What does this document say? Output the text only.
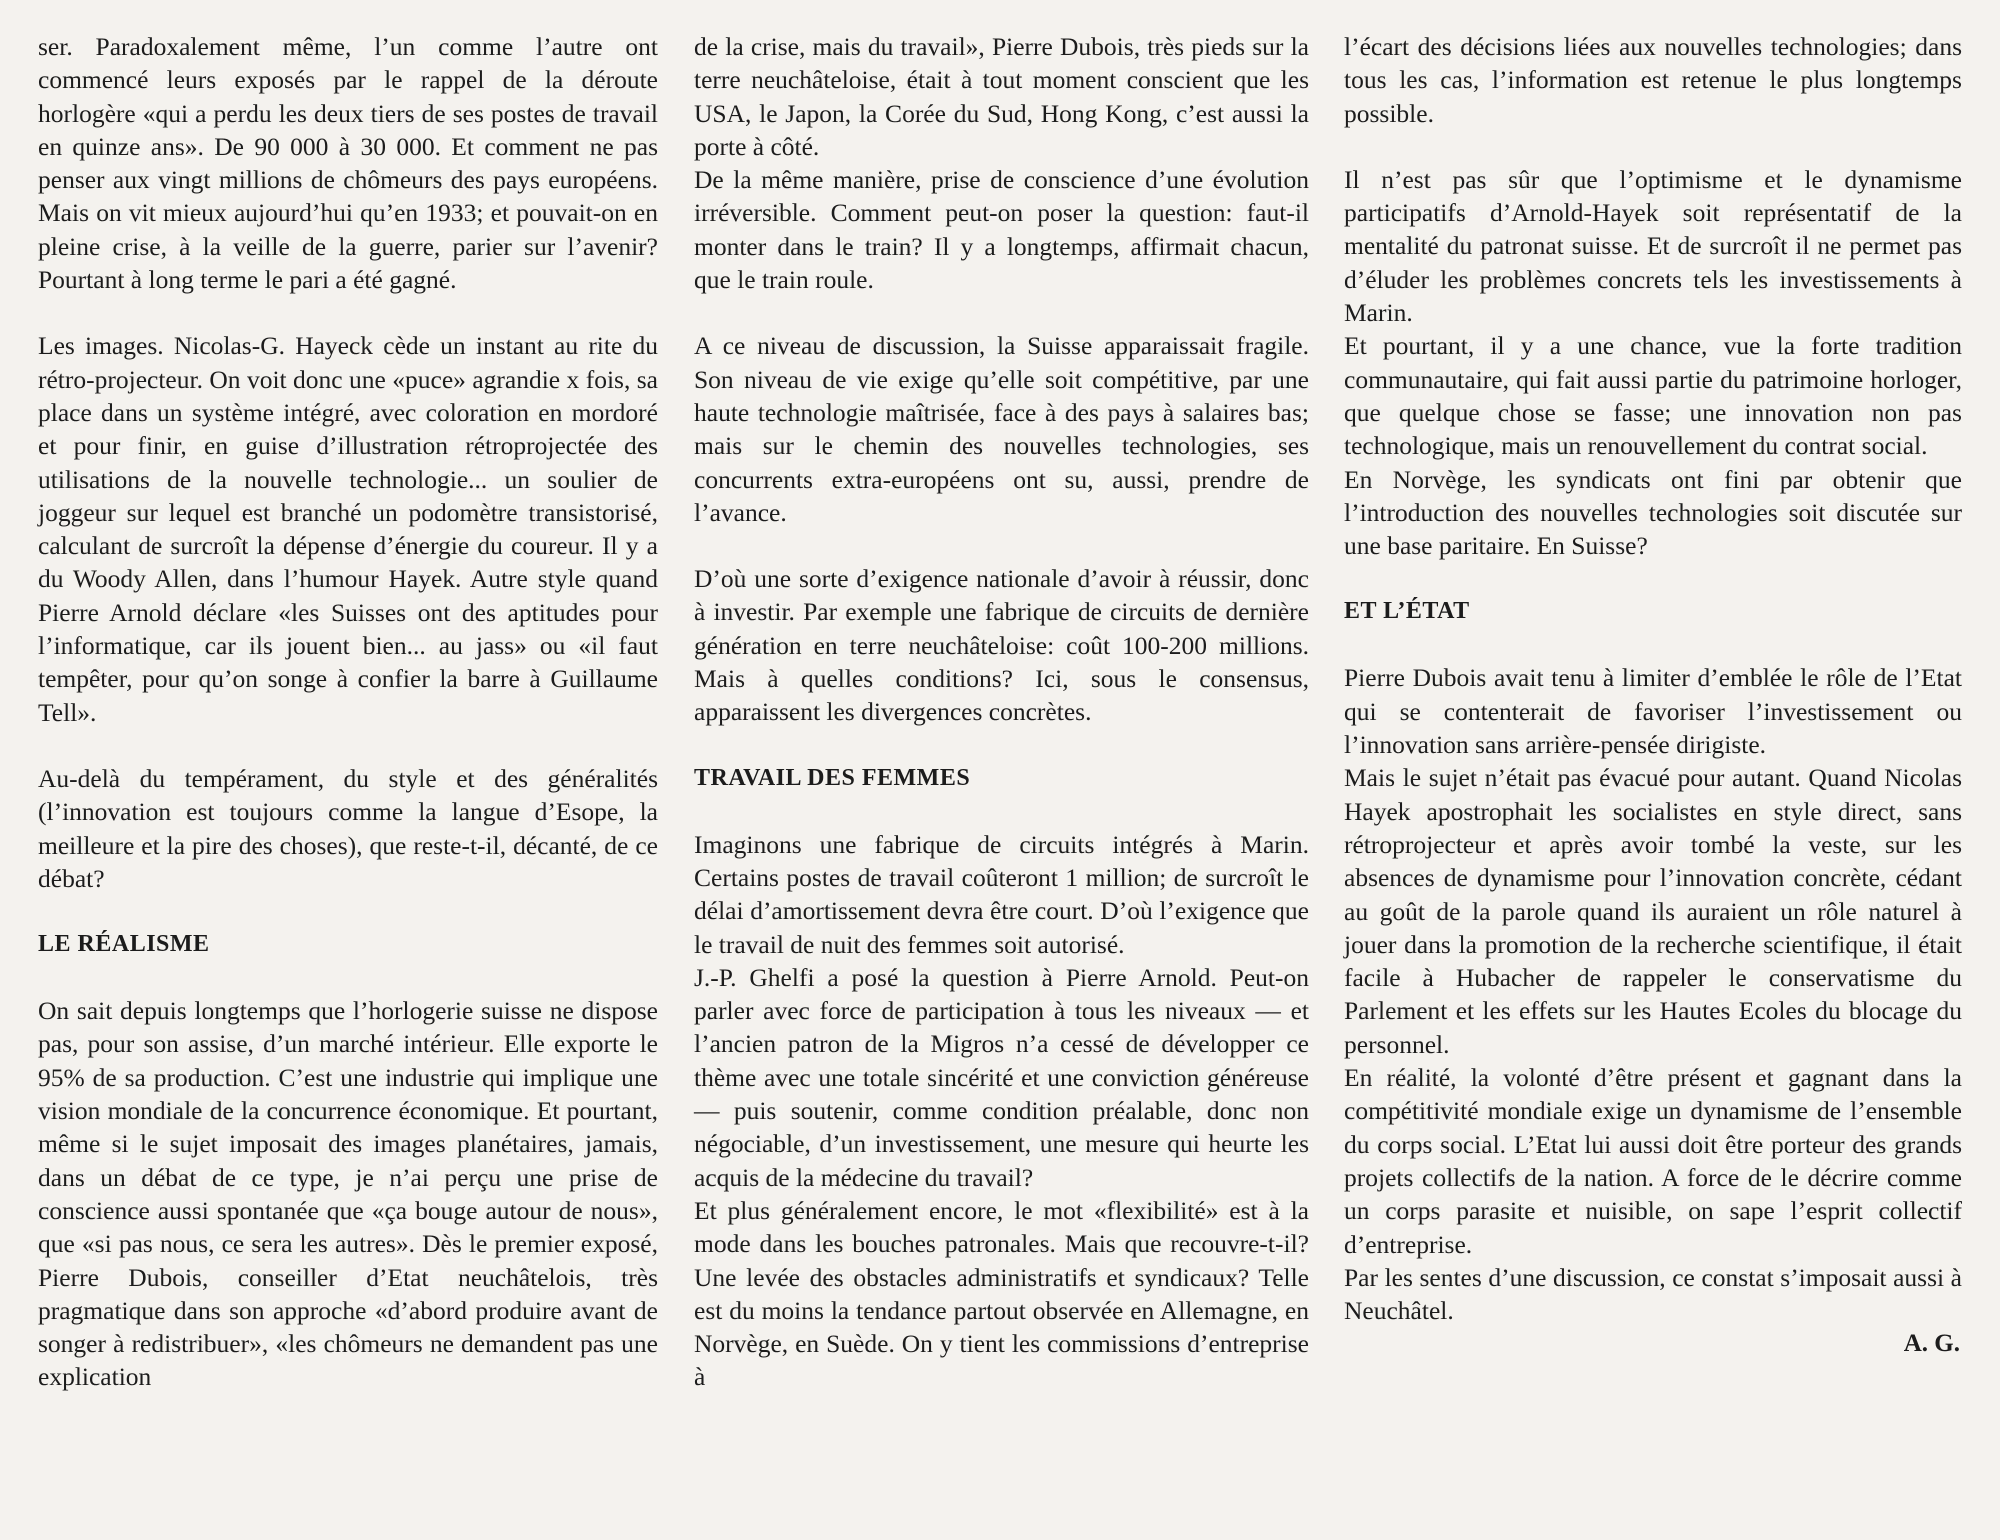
ser. Paradoxalement même, l’un comme l’autre ont commencé leurs exposés par le rappel de la déroute horlogère «qui a perdu les deux tiers de ses postes de travail en quinze ans». De 90 000 à 30 000. Et comment ne pas penser aux vingt millions de chômeurs des pays européens. Mais on vit mieux aujourd’hui qu’en 1933; et pouvait-on en pleine crise, à la veille de la guerre, parier sur l’avenir? Pourtant à long terme le pari a été gagné.

Les images. Nicolas-G. Hayeck cède un instant au rite du rétro-projecteur. On voit donc une «puce» agrandie x fois, sa place dans un système intégré, avec coloration en mordoré et pour finir, en guise d’illustration rétroprojectée des utilisations de la nouvelle technologie... un soulier de joggeur sur lequel est branché un podomètre transistorisé, calculant de surcroît la dépense d’énergie du coureur. Il y a du Woody Allen, dans l’humour Hayek. Autre style quand Pierre Arnold déclare «les Suisses ont des aptitudes pour l’informatique, car ils jouent bien... au jass» ou «il faut tempêter, pour qu’on songe à confier la barre à Guillaume Tell».

Au-delà du tempérament, du style et des généralités (l’innovation est toujours comme la langue d’Esope, la meilleure et la pire des choses), que reste-t-il, décanté, de ce débat?

LE RÉALISME

On sait depuis longtemps que l’horlogerie suisse ne dispose pas, pour son assise, d’un marché intérieur. Elle exporte le 95% de sa production. C’est une industrie qui implique une vision mondiale de la concurrence économique. Et pourtant, même si le sujet imposait des images planétaires, jamais, dans un débat de ce type, je n’ai perçu une prise de conscience aussi spontanée que «ça bouge autour de nous», que «si pas nous, ce sera les autres». Dès le premier exposé, Pierre Dubois, conseiller d’Etat neuchâtelois, très pragmatique dans son approche «d’abord produire avant de songer à redistribuer», «les chômeurs ne demandent pas une explication

de la crise, mais du travail», Pierre Dubois, très pieds sur la terre neuchâteloise, était à tout moment conscient que les USA, le Japon, la Corée du Sud, Hong Kong, c’est aussi la porte à côté.

De la même manière, prise de conscience d’une évolution irréversible. Comment peut-on poser la question: faut-il monter dans le train? Il y a longtemps, affirmait chacun, que le train roule.

A ce niveau de discussion, la Suisse apparaissait fragile. Son niveau de vie exige qu’elle soit compétitive, par une haute technologie maîtrisée, face à des pays à salaires bas; mais sur le chemin des nouvelles technologies, ses concurrents extra-européens ont su, aussi, prendre de l’avance.

D’où une sorte d’exigence nationale d’avoir à réussir, donc à investir. Par exemple une fabrique de circuits de dernière génération en terre neuchâteloise: coût 100-200 millions. Mais à quelles conditions? Ici, sous le consensus, apparaissent les divergences concrètes.

TRAVAIL DES FEMMES

Imaginons une fabrique de circuits intégrés à Marin. Certains postes de travail coûteront 1 million; de surcroît le délai d’amortissement devra être court. D’où l’exigence que le travail de nuit des femmes soit autorisé.

J.-P. Ghelfi a posé la question à Pierre Arnold. Peut-on parler avec force de participation à tous les niveaux — et l’ancien patron de la Migros n’a cessé de développer ce thème avec une totale sincérité et une conviction généreuse — puis soutenir, comme condition préalable, donc non négociable, d’un investissement, une mesure qui heurte les acquis de la médecine du travail?

Et plus généralement encore, le mot «flexibilité» est à la mode dans les bouches patronales. Mais que recouvre-t-il? Une levée des obstacles administratifs et syndicaux? Telle est du moins la tendance partout observée en Allemagne, en Norvège, en Suède. On y tient les commissions d’entreprise à

l’écart des décisions liées aux nouvelles technologies; dans tous les cas, l’information est retenue le plus longtemps possible.

Il n’est pas sûr que l’optimisme et le dynamisme participatifs d’Arnold-Hayek soit représentatif de la mentalité du patronat suisse. Et de surcroît il ne permet pas d’éluder les problèmes concrets tels les investissements à Marin.

Et pourtant, il y a une chance, vue la forte tradition communautaire, qui fait aussi partie du patrimoine horloger, que quelque chose se fasse; une innovation non pas technologique, mais un renouvellement du contrat social.

En Norvège, les syndicats ont fini par obtenir que l’introduction des nouvelles technologies soit discutée sur une base paritaire. En Suisse?

ET L’ÉTAT

Pierre Dubois avait tenu à limiter d’emblée le rôle de l’Etat qui se contenterait de favoriser l’investissement ou l’innovation sans arrière-pensée dirigiste.

Mais le sujet n’était pas évacué pour autant. Quand Nicolas Hayek apostrophait les socialistes en style direct, sans rétroprojecteur et après avoir tombé la veste, sur les absences de dynamisme pour l’innovation concrète, cédant au goût de la parole quand ils auraient un rôle naturel à jouer dans la promotion de la recherche scientifique, il était facile à Hubacher de rappeler le conservatisme du Parlement et les effets sur les Hautes Ecoles du blocage du personnel.

En réalité, la volonté d’être présent et gagnant dans la compétitivité mondiale exige un dynamisme de l’ensemble du corps social. L’Etat lui aussi doit être porteur des grands projets collectifs de la nation. A force de le décrire comme un corps parasite et nuisible, on sape l’esprit collectif d’entreprise.

Par les sentes d’une discussion, ce constat s’imposait aussi à Neuchâtel.

A. G.
